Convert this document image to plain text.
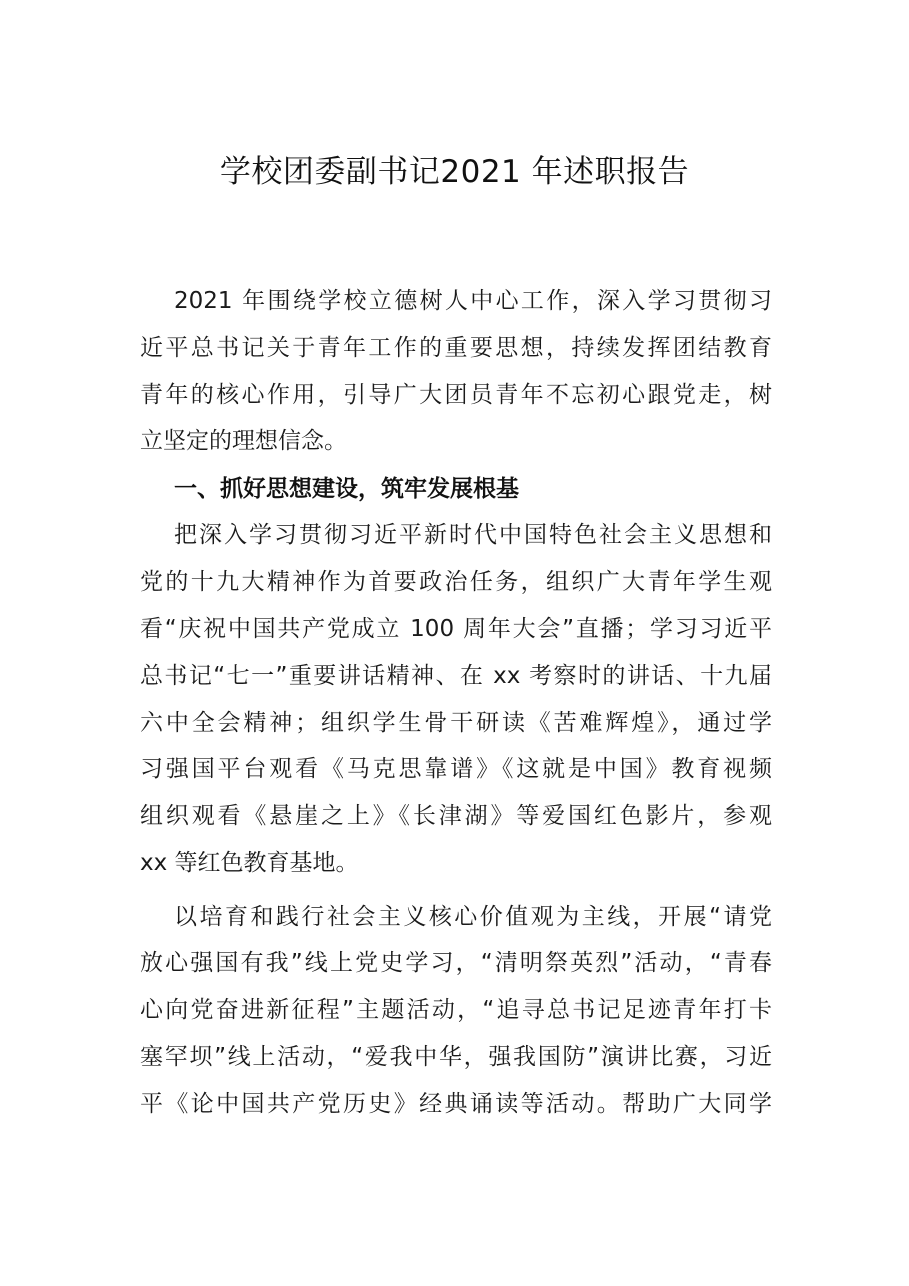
学校团委副书记2021 年述职报告
2021 年围绕学校立德树人中心工作，深入学习贯彻习
近平总书记关于青年工作的重要思想，持续发挥团结教育
青年的核心作用，引导广大团员青年不忘初心跟党走，树
立坚定的理想信念。
一、抓好思想建设，筑牢发展根基
把深入学习贯彻习近平新时代中国特色社会主义思想和
党的十九大精神作为首要政治任务，组织广大青年学生观
看“庆祝中国共产党成立 100 周年大会”直播；学习习近平
总书记“七一”重要讲话精神、在 xx 考察时的讲话、十九届
六中全会精神；组织学生骨干研读《苦难辉煌》，通过学
习强国平台观看《马克思靠谱》《这就是中国》教育视频
组织观看《悬崖之上》《长津湖》等爱国红色影片，参观
xx 等红色教育基地。
以培育和践行社会主义核心价值观为主线，开展“请党
放心强国有我”线上党史学习，“清明祭英烈”活动，“青春
心向党奋进新征程”主题活动，“追寻总书记足迹青年打卡
塞罕坝”线上活动，“爱我中华，强我国防”演讲比赛，习近
平《论中国共产党历史》经典诵读等活动。帮助广大同学
